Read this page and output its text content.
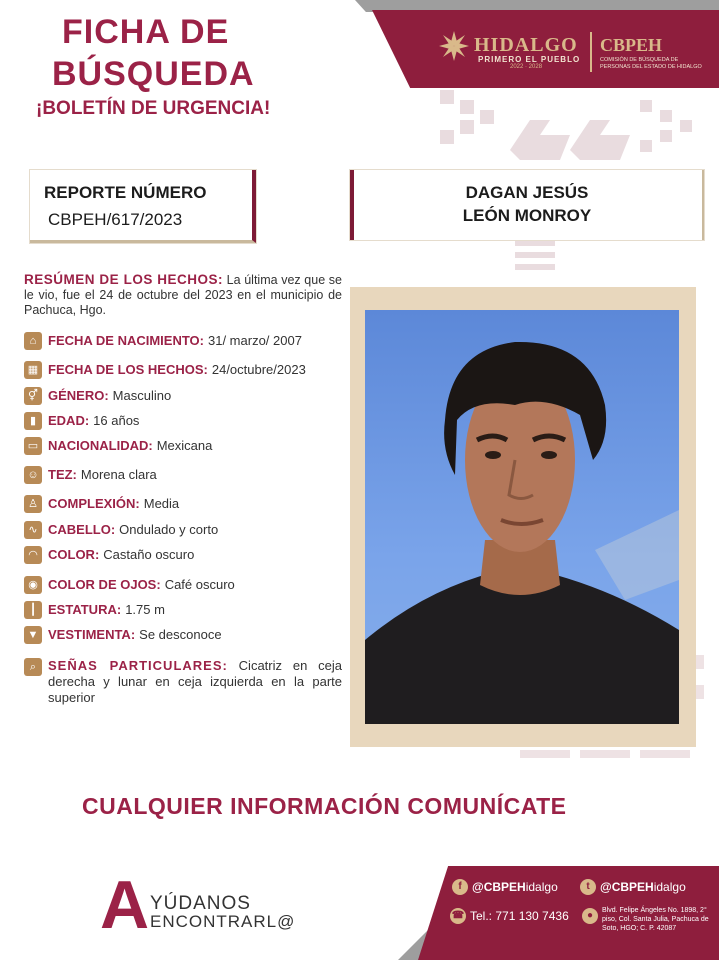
FICHA DE
BÚSQUEDA
¡BOLETÍN DE URGENCIA!
HIDALGO
PRIMERO EL PUEBLO
2022 · 2028
CBPEH
COMISIÓN DE BÚSQUEDA DE PERSONAS DEL ESTADO DE HIDALGO
REPORTE NÚMERO
CBPEH/617/2023
DAGAN JESÚS
LEÓN MONROY
RESÚMEN DE LOS HECHOS: La última vez que se le vio, fue el 24 de octubre del 2023 en el municipio de Pachuca, Hgo.
⌂ FECHA DE NACIMIENTO: 31/ marzo/ 2007
▦ FECHA DE LOS HECHOS: 24/octubre/2023
⚥ GÉNERO: Masculino
▮ EDAD: 16 años
▭ NACIONALIDAD: Mexicana
☺ TEZ: Morena clara
♙ COMPLEXIÓN: Media
∿ CABELLO: Ondulado y corto
◠ COLOR: Castaño oscuro
◉ COLOR DE OJOS: Café oscuro
┃ ESTATURA: 1.75 m
▼ VESTIMENTA: Se desconoce
⌕ SEÑAS PARTICULARES: Cicatriz en ceja derecha y lunar en ceja izquierda en la parte superior
CUALQUIER INFORMACIÓN COMUNÍCATE
A YÚDANOS
ENCONTRARL@
f @CBPEHidalgo	t @CBPEHidalgo
☎ Tel.: 771 130 7436	●	Blvd. Felipe Ángeles No. 1898, 2° piso, Col. Santa Julia, Pachuca de Soto, HGO; C. P. 42087
